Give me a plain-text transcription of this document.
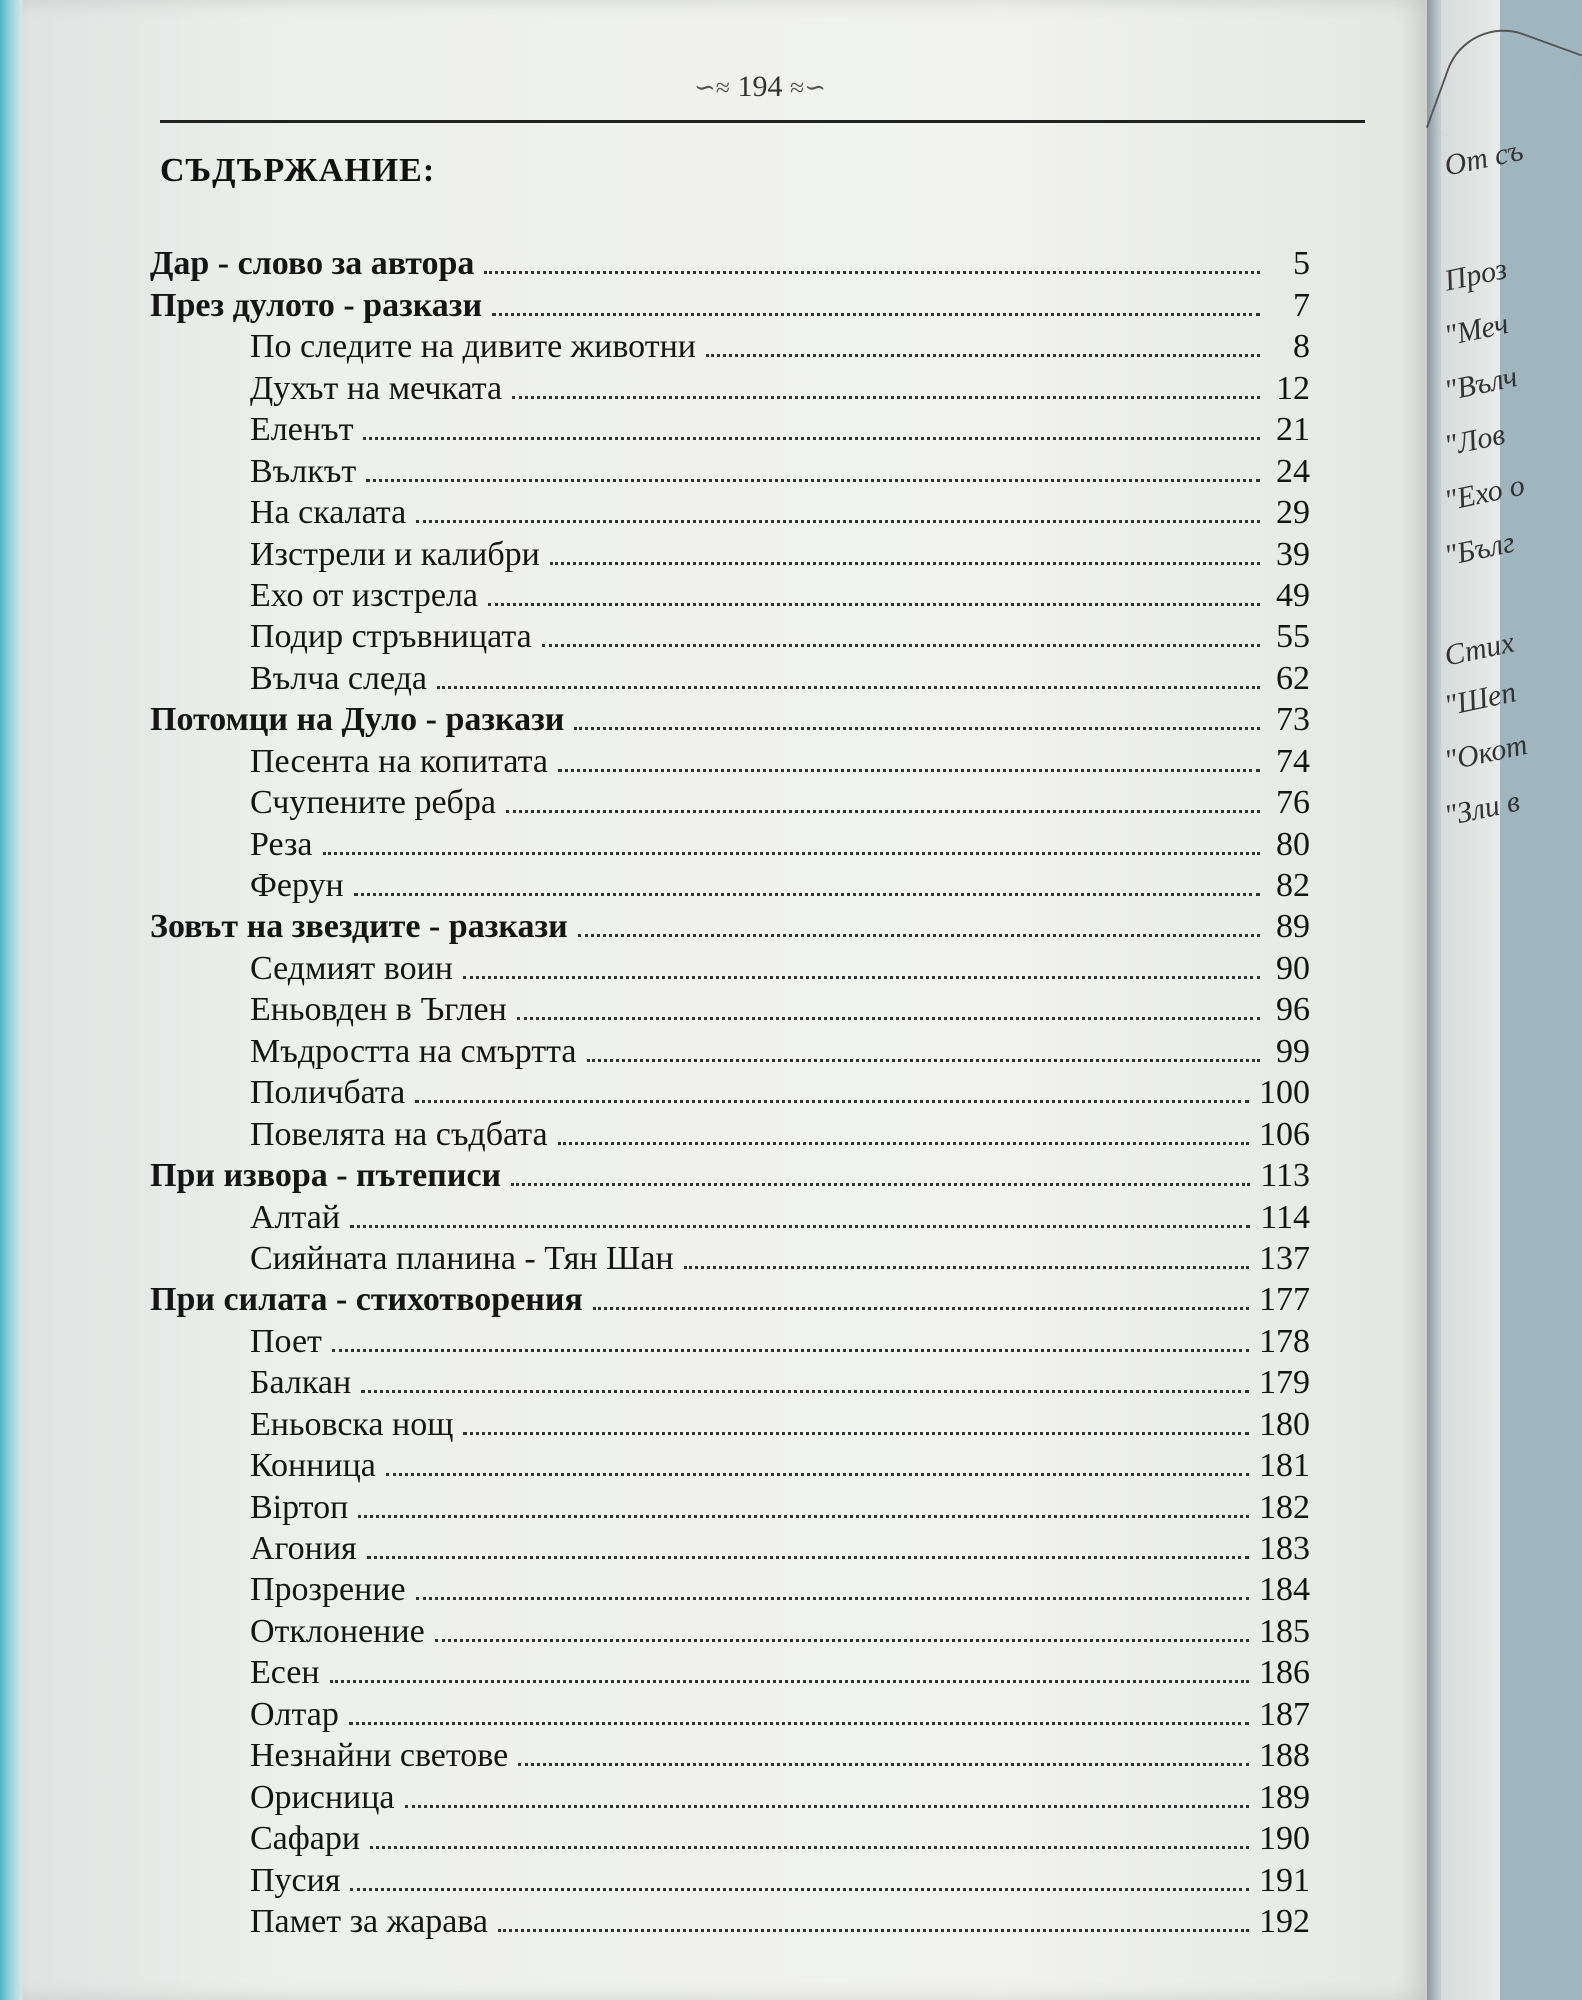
∽≈ 194 ≈∽
СЪДЪРЖАНИЕ:
Дар - слово за автора	5
През дулото - разкази	7
По следите на дивите животни	8
Духът на мечката	12
Еленът	21
Вълкът	24
На скалата	29
Изстрели и калибри	39
Ехо от изстрела	49
Подир стръвницата	55
Вълча следа	62
Потомци на Дуло - разкази	73
Песента на копитата	74
Счупените ребра	76
Реза	80
Ферун	82
Зовът на звездите - разкази	89
Седмият воин	90
Еньовден в Ъглен	96
Мъдростта на смъртта	99
Поличбата	100
Повелята на съдбата	106
При извора - пътеписи	113
Алтай	114
Сияйната планина - Тян Шан	137
При силата - стихотворения	177
Поет	178
Балкан	179
Еньовска нощ	180
Конница	181
Віртоп	182
Агония	183
Прозрение	184
Отклонение	185
Есен	186
Олтар	187
Незнайни светове	188
Орисница	189
Сафари	190
Пусия	191
Памет за жарава	192
От съ
Проз
"Меч
"Вълч
"Лов
"Ехо о
"Бълг
Стих
"Шеп
"Окот
"Зли в
